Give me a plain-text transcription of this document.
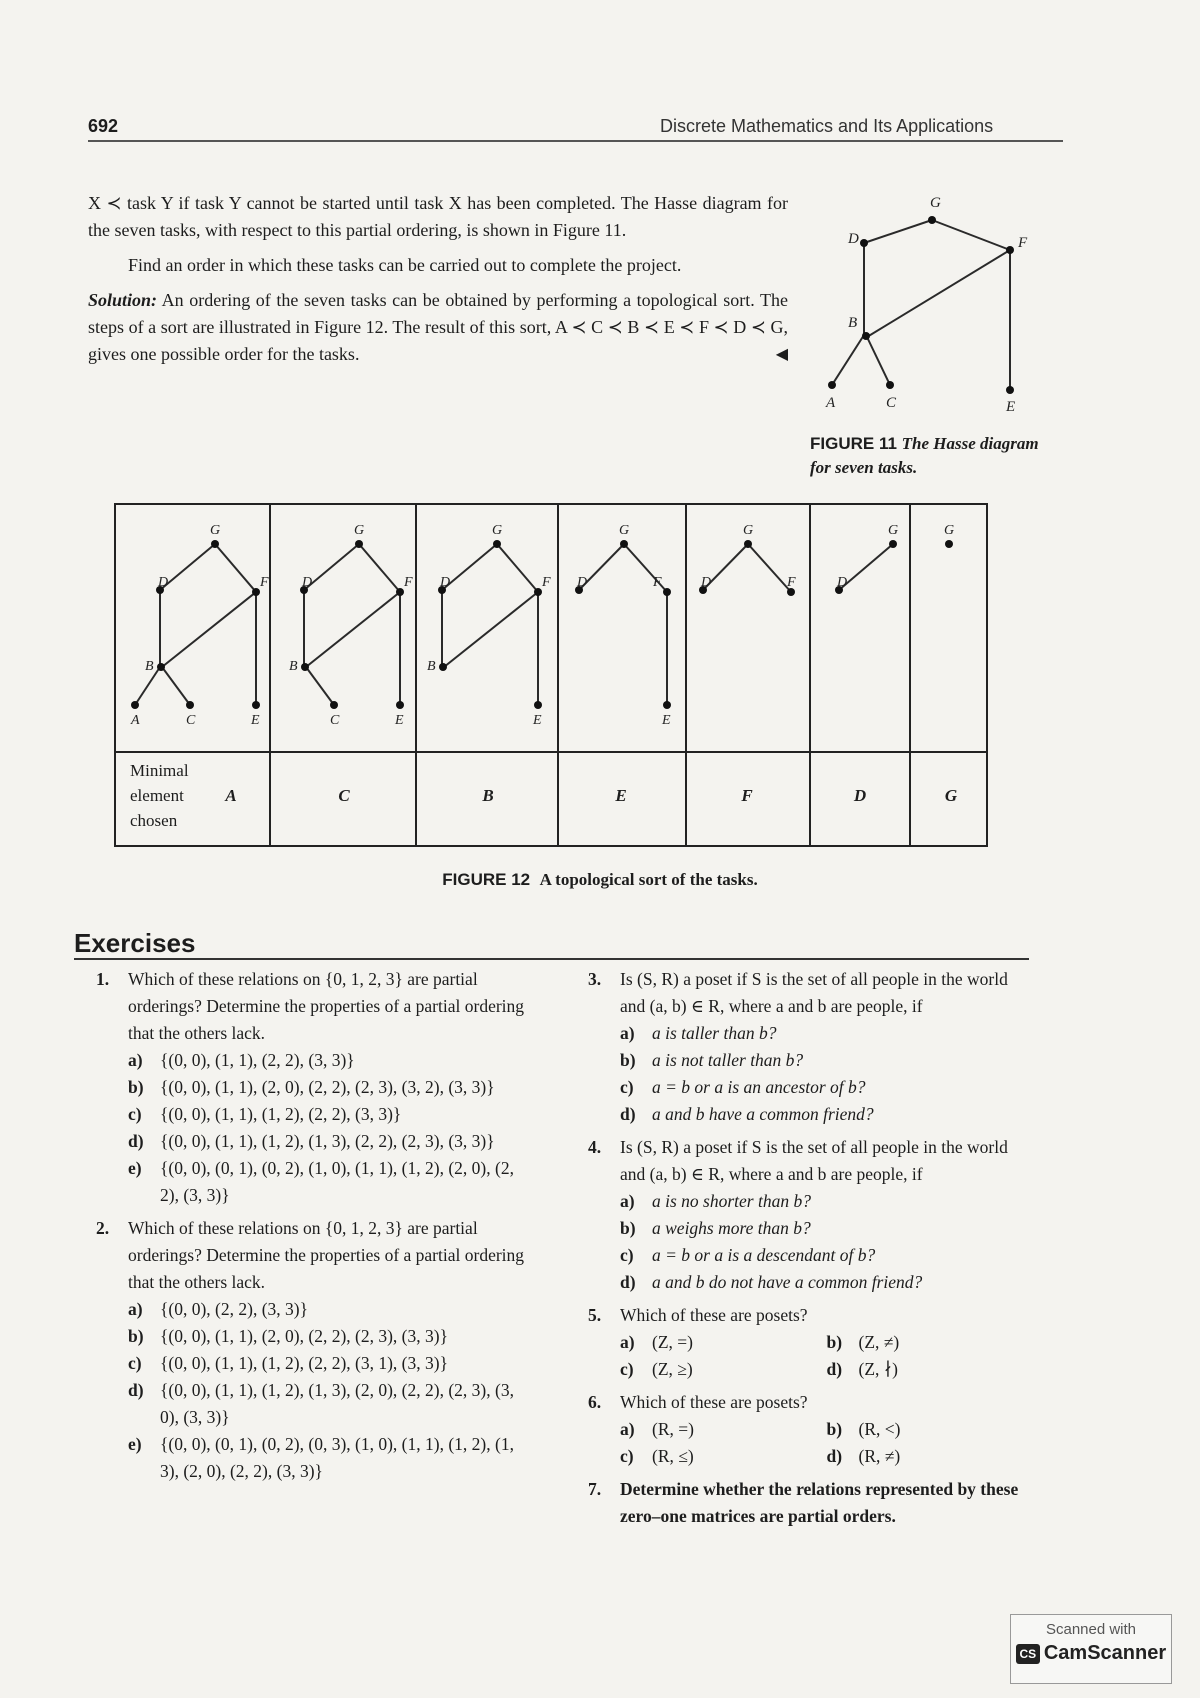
692	Discrete Mathematics and Its Applications

X ≺ task Y if task Y cannot be started until task X has been completed. The Hasse diagram for the seven tasks, with respect to this partial ordering, is shown in Figure 11.

Find an order in which these tasks can be carried out to complete the project.

Solution: An ordering of the seven tasks can be obtained by performing a topological sort. The steps of a sort are illustrated in Figure 12. The result of this sort, A ≺ C ≺ B ≺ E ≺ F ≺ D ≺ G, gives one possible order for the tasks.	◀

G
D	F
B
A	C	E
FIGURE 11 The Hasse diagram for seven tasks.
G
D	F
B
A	C	E
G
D	F
B
C	E
G
D	F
B
E
G
D	F
E
G
D	F
G
D
G
Minimal
element
chosen
A	C	B	E	F	D	G
FIGURE 12 A topological sort of the tasks.
Exercises
1. Which of these relations on {0, 1, 2, 3} are partial orderings? Determine the properties of a partial ordering that the others lack.
a) {(0, 0), (1, 1), (2, 2), (3, 3)}
b) {(0, 0), (1, 1), (2, 0), (2, 2), (2, 3), (3, 2), (3, 3)}
c) {(0, 0), (1, 1), (1, 2), (2, 2), (3, 3)}
d) {(0, 0), (1, 1), (1, 2), (1, 3), (2, 2), (2, 3), (3, 3)}
e) {(0, 0), (0, 1), (0, 2), (1, 0), (1, 1), (1, 2), (2, 0), (2, 2), (3, 3)}
2. Which of these relations on {0, 1, 2, 3} are partial orderings? Determine the properties of a partial ordering that the others lack.
a) {(0, 0), (2, 2), (3, 3)}
b) {(0, 0), (1, 1), (2, 0), (2, 2), (2, 3), (3, 3)}
c) {(0, 0), (1, 1), (1, 2), (2, 2), (3, 1), (3, 3)}
d) {(0, 0), (1, 1), (1, 2), (1, 3), (2, 0), (2, 2), (2, 3), (3, 0), (3, 3)}
e) {(0, 0), (0, 1), (0, 2), (0, 3), (1, 0), (1, 1), (1, 2), (1, 3), (2, 0), (2, 2), (3, 3)}
3. Is (S, R) a poset if S is the set of all people in the world and (a, b) ∈ R, where a and b are people, if
a) a is taller than b?
b) a is not taller than b?
c) a = b or a is an ancestor of b?
d) a and b have a common friend?
4. Is (S, R) a poset if S is the set of all people in the world and (a, b) ∈ R, where a and b are people, if
a) a is no shorter than b?
b) a weighs more than b?
c) a = b or a is a descendant of b?
d) a and b do not have a common friend?
5. Which of these are posets?
a) (Z, =)	b) (Z, ≠)
c) (Z, ≥)	d) (Z, ∤)
6. Which of these are posets?
a) (R, =)	b) (R, <)
c) (R, ≤)	d) (R, ≠)
7. Determine whether the relations represented by these zero–one matrices are partial orders.
Scanned with
CS CamScanner
